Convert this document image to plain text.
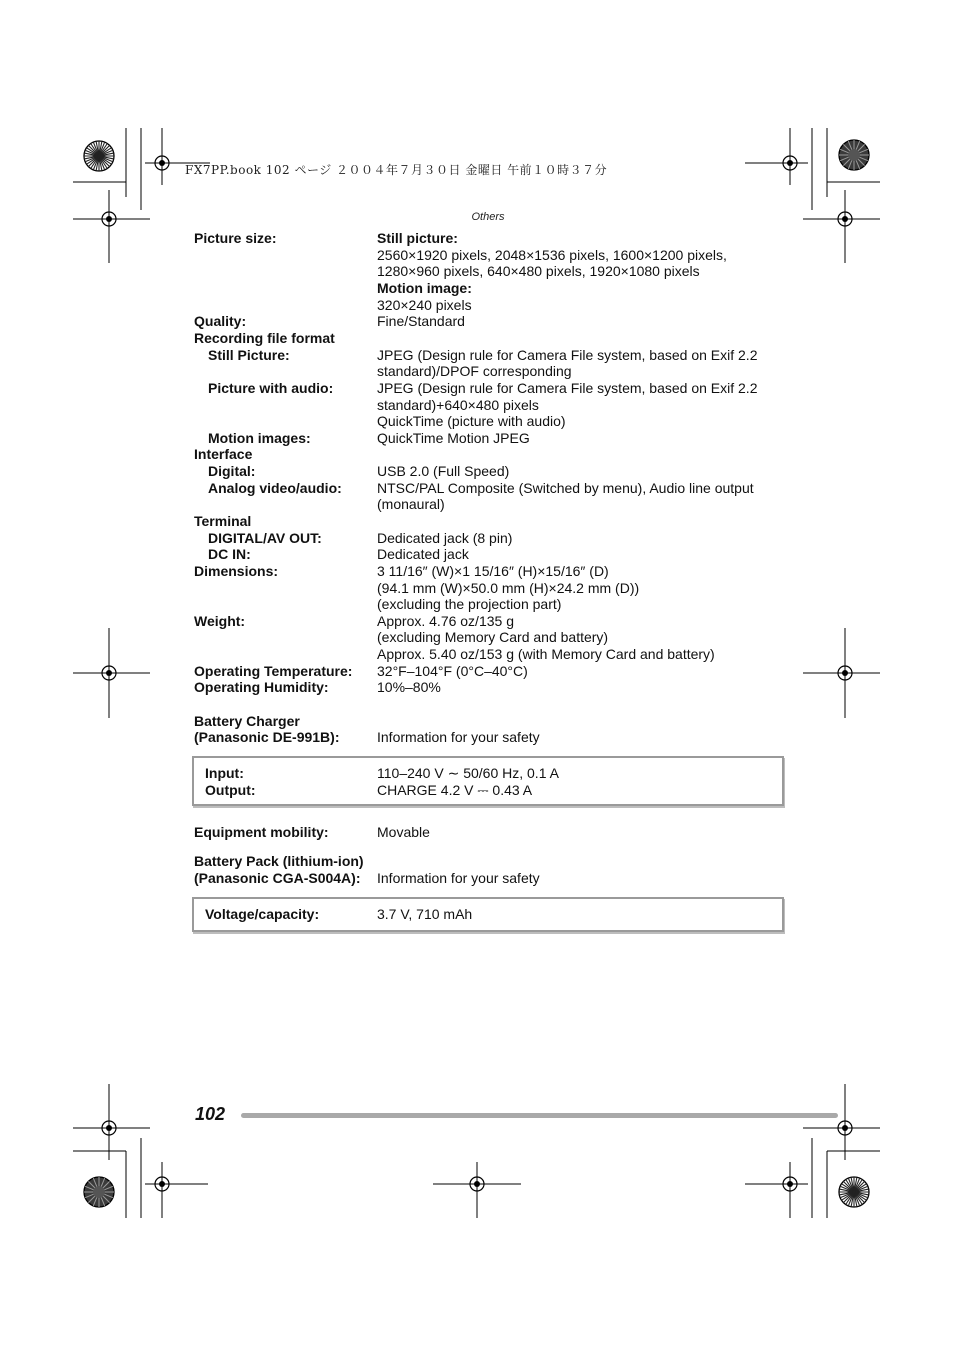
FX7PP.book 102 ページ ２００４年７月３０日 金曜日 午前１０時３７分
Others
Picture size:	Still picture:
2560×1920 pixels, 2048×1536 pixels, 1600×1200 pixels,
1280×960 pixels, 640×480 pixels, 1920×1080 pixels
Motion image:
320×240 pixels
Quality:	Fine/Standard
Recording file format
Still Picture:	JPEG (Design rule for Camera File system, based on Exif 2.2
standard)/DPOF corresponding
Picture with audio:	JPEG (Design rule for Camera File system, based on Exif 2.2
standard)+640×480 pixels
QuickTime (picture with audio)
Motion images:	QuickTime Motion JPEG
Interface
Digital:	USB 2.0 (Full Speed)
Analog video/audio:	NTSC/PAL Composite (Switched by menu), Audio line output
(monaural)
Terminal
DIGITAL/AV OUT:	Dedicated jack (8 pin)
DC IN:	Dedicated jack
Dimensions:	3 11/16″ (W)×1 15/16″ (H)×15/16″ (D)
(94.1 mm (W)×50.0 mm (H)×24.2 mm (D))
(excluding the projection part)
Weight:	Approx. 4.76 oz/135 g
(excluding Memory Card and battery)
Approx. 5.40 oz/153 g (with Memory Card and battery)
Operating Temperature: 32°F–104°F (0°C–40°C)
Operating Humidity:	10%–80%
Battery Charger
(Panasonic DE-991B):	Information for your safety
Input:	110–240 V ∼ 50/60 Hz, 0.1 A
Output:	CHARGE 4.2 V ⎓ 0.43 A
Equipment mobility:	Movable
Battery Pack (lithium-ion)
(Panasonic CGA-S004A): Information for your safety
Voltage/capacity:	3.7 V, 710 mAh
102
